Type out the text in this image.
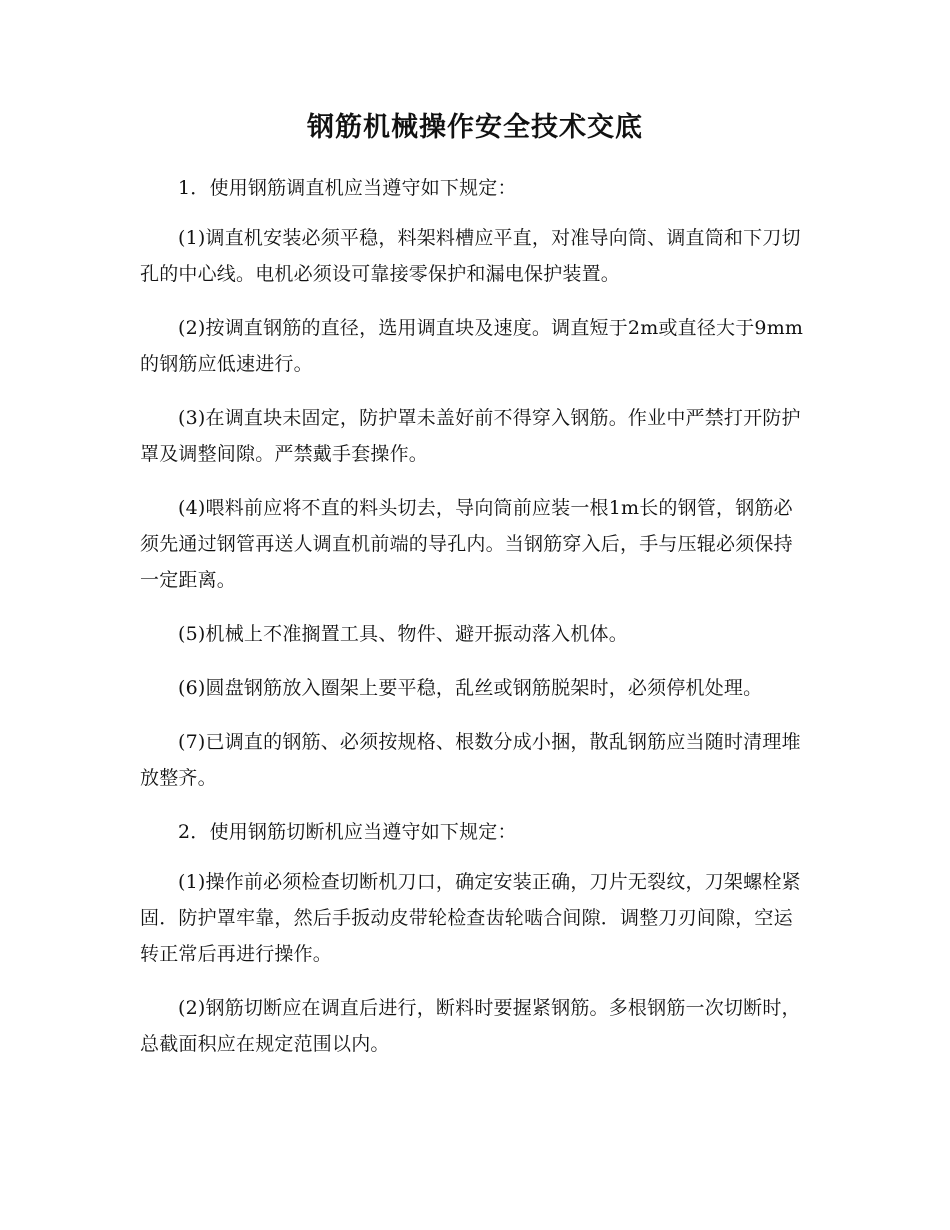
钢筋机械操作安全技术交底

1．使用钢筋调直机应当遵守如下规定：

(1)调直机安装必须平稳，料架料槽应平直，对准导向筒、调直筒和下刀切孔的中心线。电机必须设可靠接零保护和漏电保护装置。

(2)按调直钢筋的直径，选用调直块及速度。调直短于2m或直径大于9mm的钢筋应低速进行。

(3)在调直块未固定，防护罩未盖好前不得穿入钢筋。作业中严禁打开防护罩及调整间隙。严禁戴手套操作。

(4)喂料前应将不直的料头切去，导向筒前应装一根1m长的钢管，钢筋必须先通过钢管再送人调直机前端的导孔内。当钢筋穿入后，手与压辊必须保持一定距离。

(5)机械上不准搁置工具、物件、避开振动落入机体。

(6)圆盘钢筋放入圈架上要平稳，乱丝或钢筋脱架时，必须停机处理。

(7)已调直的钢筋、必须按规格、根数分成小捆，散乱钢筋应当随时清理堆放整齐。

2．使用钢筋切断机应当遵守如下规定：

(1)操作前必须检查切断机刀口，确定安装正确，刀片无裂纹，刀架螺栓紧固．防护罩牢靠，然后手扳动皮带轮检查齿轮啮合间隙．调整刀刃间隙，空运转正常后再进行操作。

(2)钢筋切断应在调直后进行，断料时要握紧钢筋。多根钢筋一次切断时，总截面积应在规定范围以内。
